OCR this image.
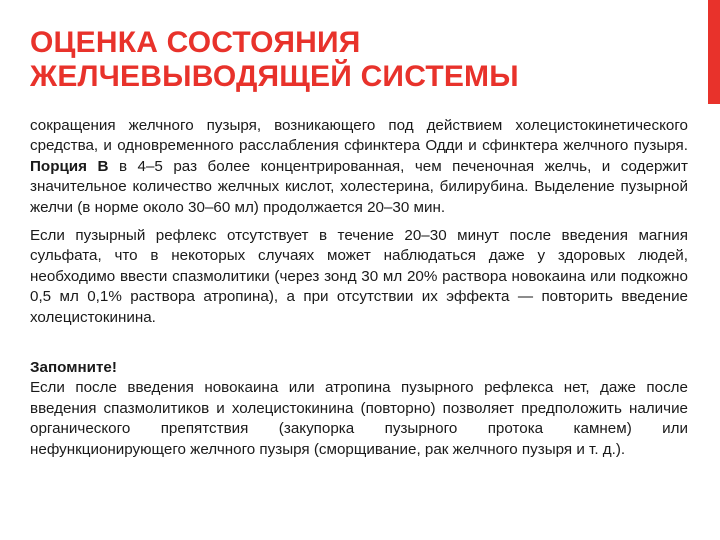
ОЦЕНКА СОСТОЯНИЯ
ЖЕЛЧЕВЫВОДЯЩЕЙ СИСТЕМЫ

сокращения желчного пузыря, возникающего под действием холецистокинетического средства, и одновременного расслабления сфинктера Одди и сфинктера желчного пузыря. Порция В в 4–5 раз более концентрированная, чем печеночная желчь, и содержит значительное количество желчных кислот, холестерина, билирубина. Выделение пузырной желчи (в норме около 30–60 мл) продолжается 20–30 мин.

Если пузырный рефлекс отсутствует в течение 20–30 минут после введения магния сульфата, что в некоторых случаях может наблюдаться даже у здоровых людей, необходимо ввести спазмолитики (через зонд 30 мл 20% раствора новокаина или подкожно 0,5 мл 0,1% раствора атропина), а при отсутствии их эффекта — повторить введение холецистокинина.

Запомните!
Если после введения новокаина или атропина пузырного рефлекса нет, даже после введения спазмолитиков и холецистокинина (повторно) позволяет предположить наличие органического препятствия (закупорка пузырного протока камнем) или нефункционирующего желчного пузыря (сморщивание, рак желчного пузыря и т. д.).
